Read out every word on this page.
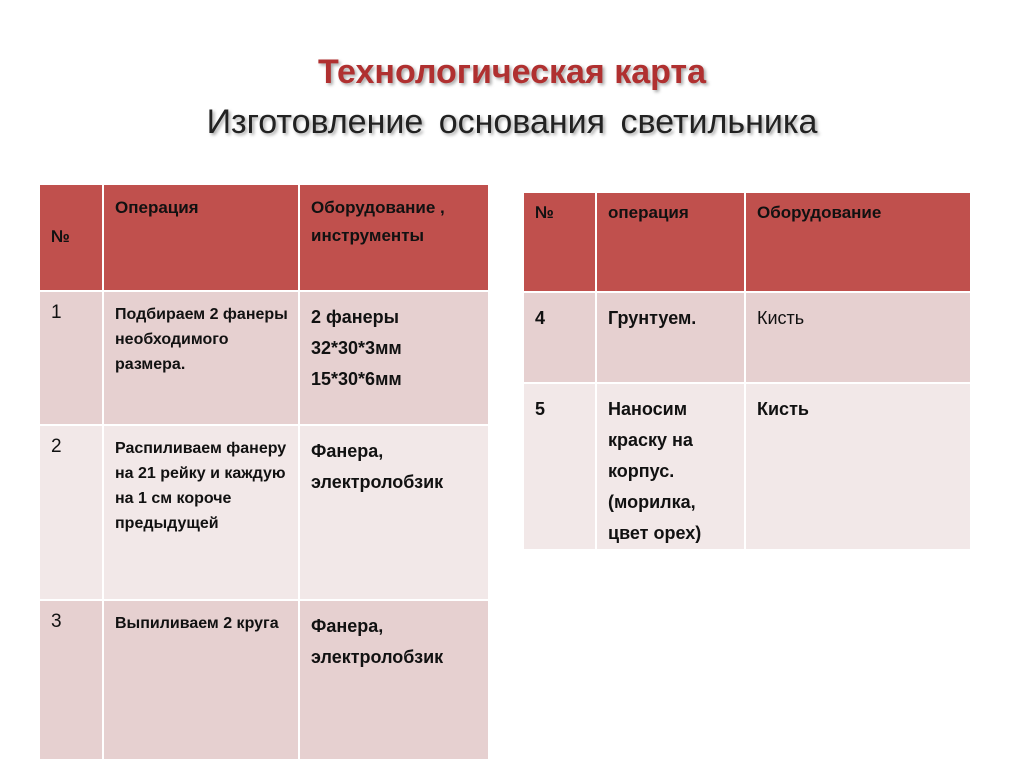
Технологическая карта
Изготовление основания светильника
№	Операция	Оборудование , инструменты

1	Подбираем 2 фанеры необходимого размера.	2 фанеры 32*30*3мм 15*30*6мм

2	Распиливаем фанеру на 21 рейку и каждую на 1 см короче предыдущей	Фанера, электролобзик

3	Выпиливаем 2 круга	Фанера, электролобзик
№	операция	Оборудование

4	Грунтуем.	Кисть

5	Наносим краску на корпус. (морилка, цвет орех)	Кисть
